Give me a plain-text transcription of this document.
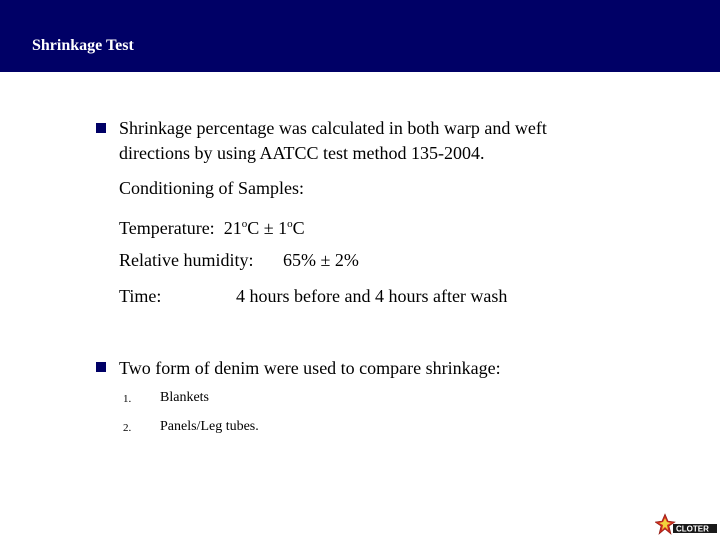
Shrinkage Test
Shrinkage percentage was calculated in both warp and weft
directions by using AATCC test method 135-2004.
Conditioning of Samples:
Temperature: $21^oC \pm 1^oC$
Relative humidity: 65% ± 2%
Time:	4 hours before and 4 hours after wash
Two form of denim were used to compare shrinkage:
1. Blankets
2. Panels/Leg tubes.
CLOTER
